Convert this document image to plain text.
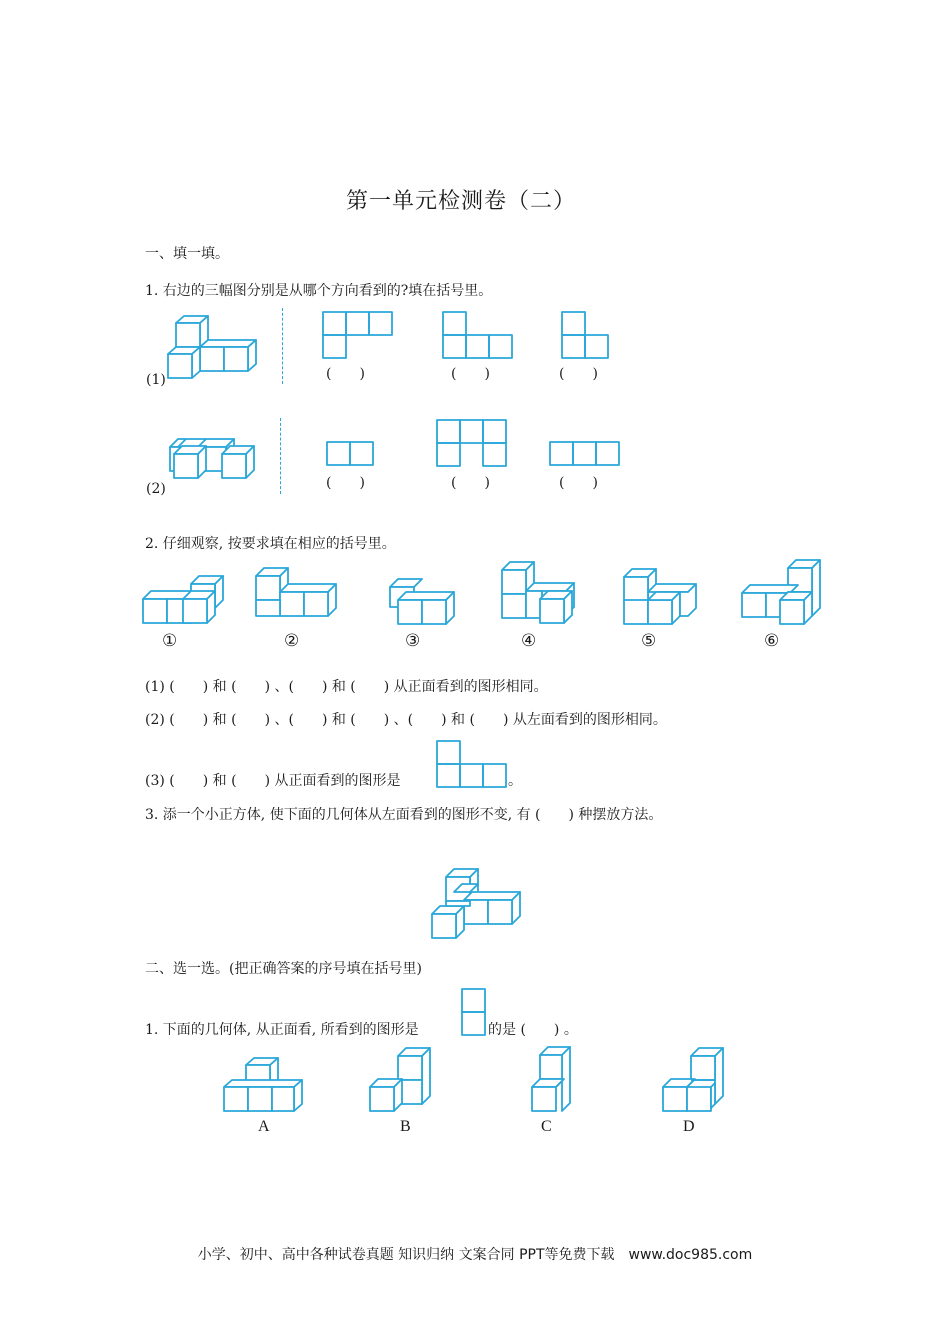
第一单元检测卷（二）
一、填一填。
1. 右边的三幅图分别是从哪个方向看到的?填在括号里。
(1)	(　　)	(　　)	(　　)
(2)	(　　)	(　　)	(　　)
2. 仔细观察, 按要求填在相应的括号里。
①	②	③	④	⑤	⑥
(1) (　　) 和 (　　) 、(　　) 和 (　　) 从正面看到的图形相同。
(2) (　　) 和 (　　) 、(　　) 和 (　　) 、(　　) 和 (　　) 从左面看到的图形相同。
(3) (　　) 和 (　　) 从正面看到的图形是	。
3. 添一个小正方体, 使下面的几何体从左面看到的图形不变, 有 (　　) 种摆放方法。
二、选一选。(把正确答案的序号填在括号里)
1. 下面的几何体, 从正面看, 所看到的图形是	的是 (　　) 。
A	B	C	D
小学、初中、高中各种试卷真题 知识归纳 文案合同 PPT等免费下载　www.doc985.com
